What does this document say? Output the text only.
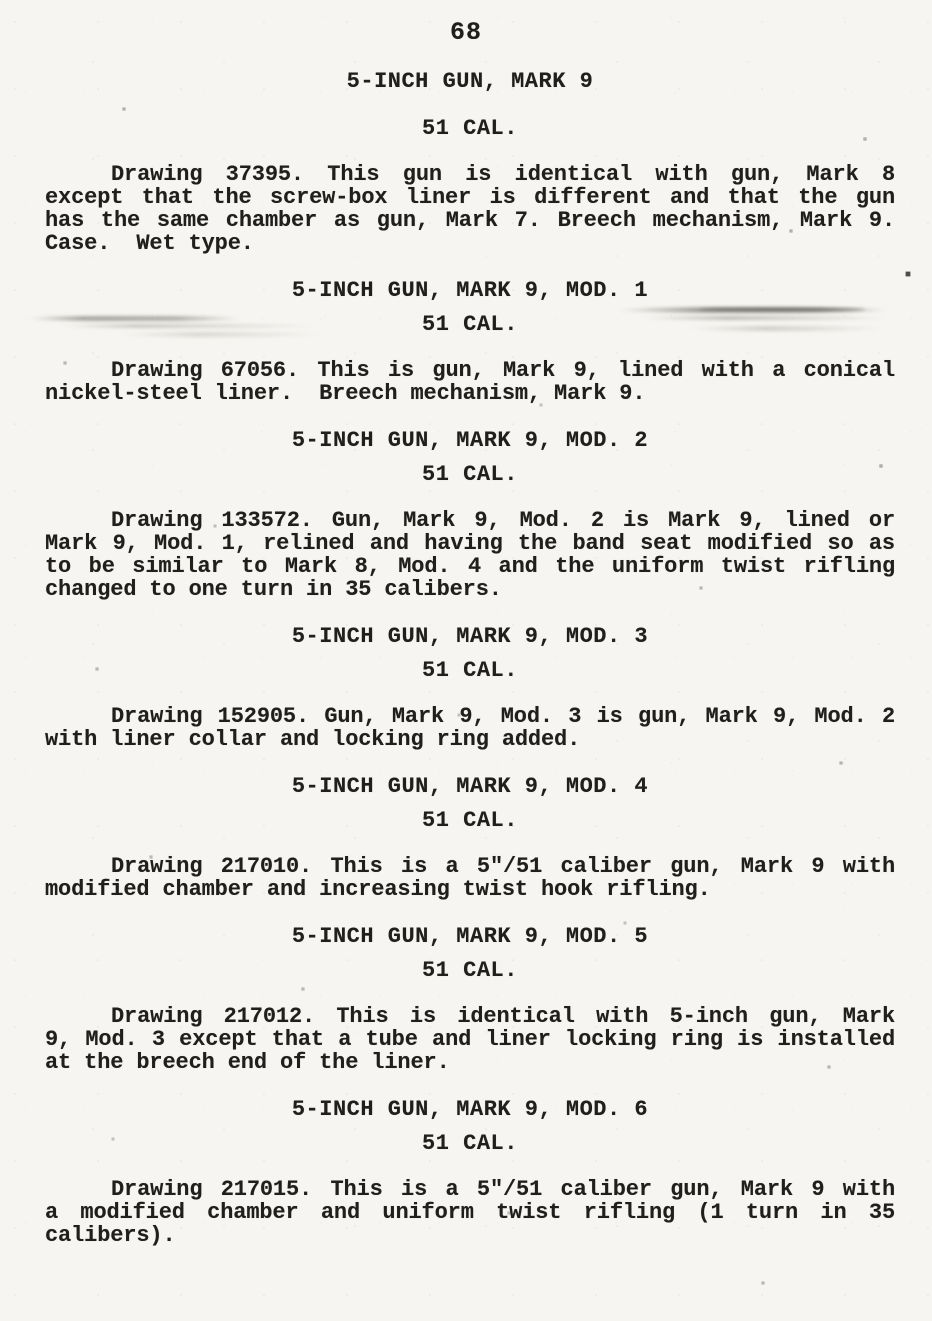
68
5-INCH GUN, MARK 9
51 CAL.
Drawing 37395. This gun is identical with gun, Mark 8
except that the screw-box liner is different and that the gun
has the same chamber as gun, Mark 7. Breech mechanism, Mark 9.
Case.  Wet type.
5-INCH GUN, MARK 9, MOD. 1
51 CAL.
Drawing 67056. This is gun, Mark 9, lined with a conical
nickel-steel liner.  Breech mechanism, Mark 9.
5-INCH GUN, MARK 9, MOD. 2
51 CAL.
Drawing 133572. Gun, Mark 9, Mod. 2 is Mark 9, lined or
Mark 9, Mod. 1, relined and having the band seat modified so as
to be similar to Mark 8, Mod. 4 and the uniform twist rifling
changed to one turn in 35 calibers.
5-INCH GUN, MARK 9, MOD. 3
51 CAL.
Drawing 152905. Gun, Mark 9, Mod. 3 is gun, Mark 9, Mod. 2
with liner collar and locking ring added.
5-INCH GUN, MARK 9, MOD. 4
51 CAL.
Drawing 217010. This is a 5"/51 caliber gun, Mark 9 with
modified chamber and increasing twist hook rifling.
5-INCH GUN, MARK 9, MOD. 5
51 CAL.
Drawing 217012. This is identical with 5-inch gun, Mark
9, Mod. 3 except that a tube and liner locking ring is installed
at the breech end of the liner.
5-INCH GUN, MARK 9, MOD. 6
51 CAL.
Drawing 217015. This is a 5"/51 caliber gun, Mark 9 with
a modified chamber and uniform twist rifling (1 turn in 35
calibers).
